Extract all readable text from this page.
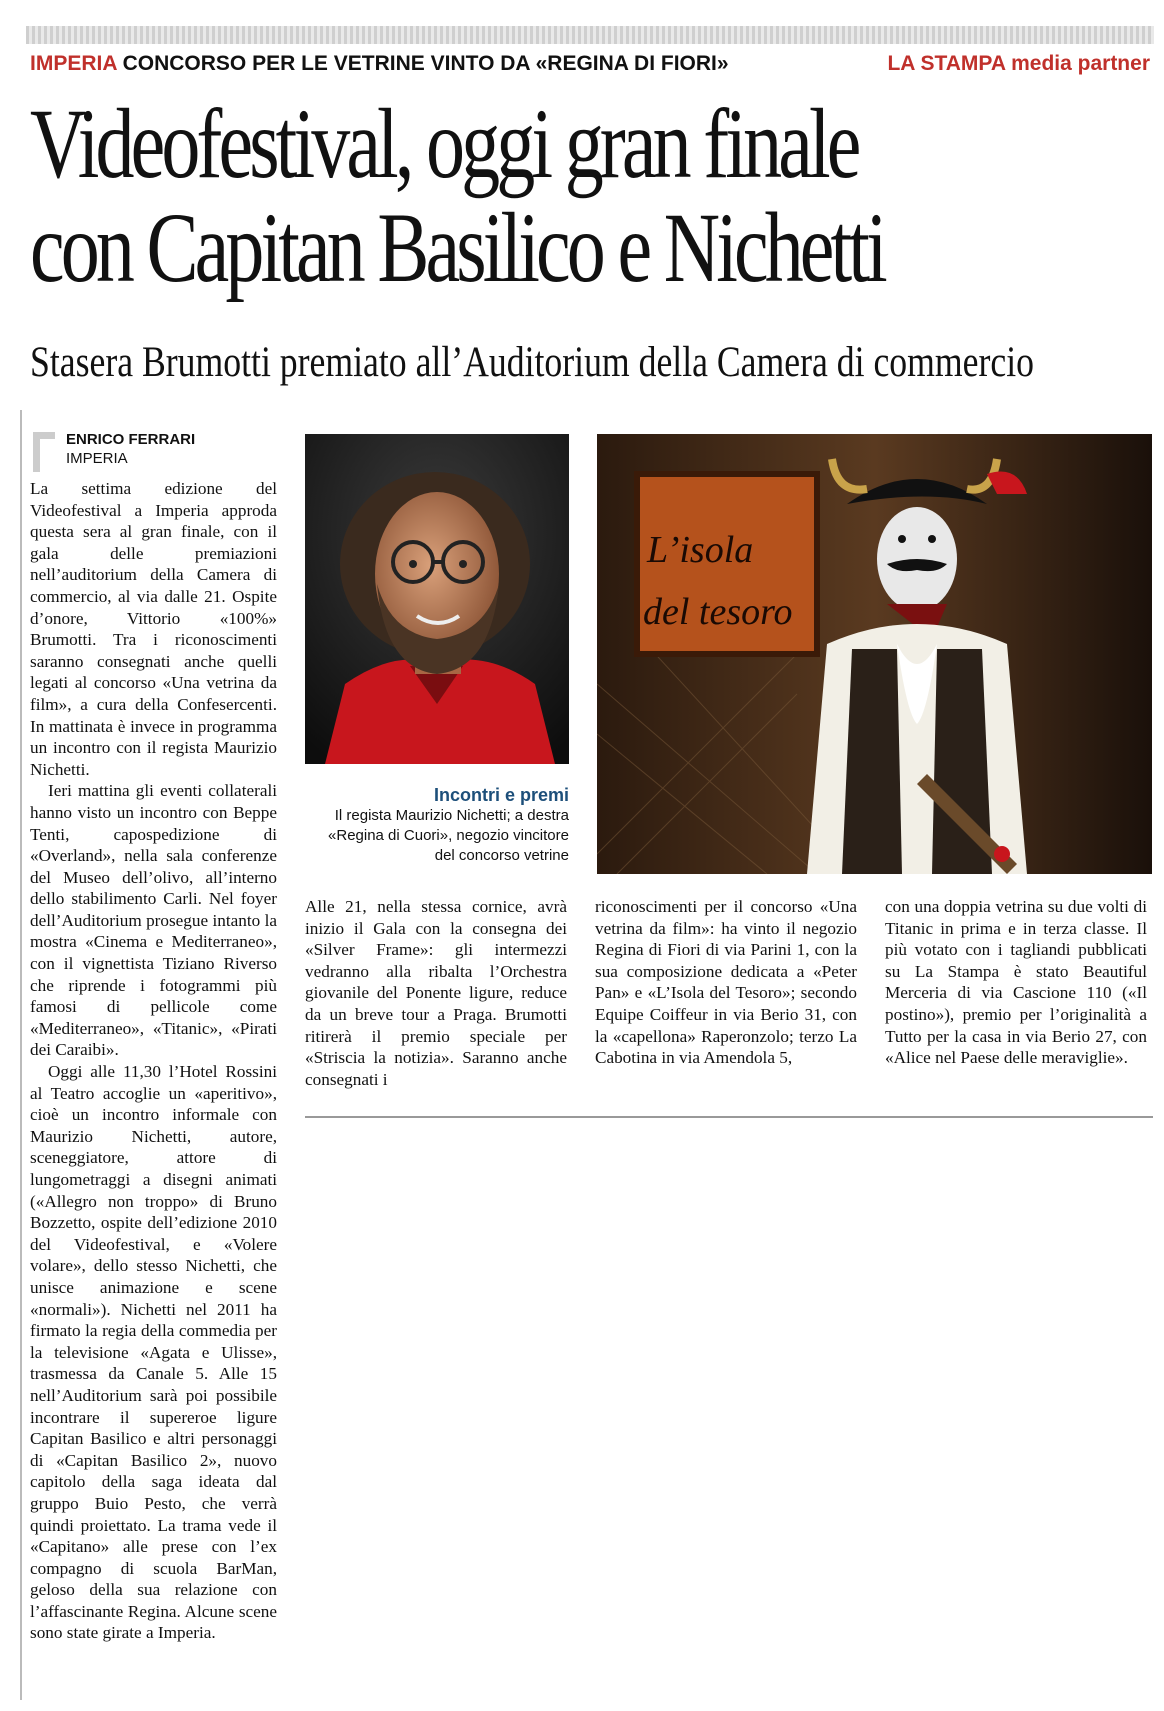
IMPERIA CONCORSO PER LE VETRINE VINTO DA «REGINA DI FIORI»	LA STAMPA media partner
Videofestival, oggi gran finale
con Capitan Basilico e Nichetti
Stasera Brumotti premiato all’Auditorium della Camera di commercio
ENRICO FERRARI
IMPERIA

La settima edizione del Videofestival a Imperia approda questa sera al gran finale, con il gala delle premiazioni nell’auditorium della Camera di commercio, al via dalle 21. Ospite d’onore, Vittorio «100%» Brumotti. Tra i riconoscimenti saranno consegnati anche quelli legati al concorso «Una vetrina da film», a cura della Confesercenti. In mattinata è invece in programma un incontro con il regista Maurizio Nichetti.

Ieri mattina gli eventi collaterali hanno visto un incontro con Beppe Tenti, capospedizione di «Overland», nella sala conferenze del Museo dell’olivo, all’interno dello stabilimento Carli. Nel foyer dell’Auditorium prosegue intanto la mostra «Cinema e Mediterraneo», con il vignettista Tiziano Riverso che riprende i fotogrammi più famosi di pellicole come «Mediterraneo», «Titanic», «Pirati dei Caraibi».

Oggi alle 11,30 l’Hotel Rossini al Teatro accoglie un «aperitivo», cioè un incontro informale con Maurizio Nichetti, autore, sceneggiatore, attore di lungometraggi a disegni animati («Allegro non troppo» di Bruno Bozzetto, ospite dell’edizione 2010 del Videofestival, e «Volere volare», dello stesso Nichetti, che unisce animazione e scene «normali»). Nichetti nel 2011 ha firmato la regia della commedia per la televisione «Agata e Ulisse», trasmessa da Canale 5. Alle 15 nell’Auditorium sarà poi possibile incontrare il supereroe ligure Capitan Basilico e altri personaggi di «Capitan Basilico 2», nuovo capitolo della saga ideata dal gruppo Buio Pesto, che verrà quindi proiettato. La trama vede il «Capitano» alle prese con l’ex compagno di scuola BarMan, geloso della sua relazione con l’affascinante Regina. Alcune scene sono state girate a Imperia.

Incontri e premi
Il regista Maurizio Nichetti; a destra «Regina di Cuori», negozio vincitore del concorso vetrine
L’isola
del tesoro

Alle 21, nella stessa cornice, avrà inizio il Gala con la consegna dei «Silver Frame»: gli intermezzi vedranno alla ribalta l’Orchestra giovanile del Ponente ligure, reduce da un breve tour a Praga. Brumotti ritirerà il premio speciale per «Striscia la notizia». Saranno anche consegnati i

riconoscimenti per il concorso «Una vetrina da film»: ha vinto il negozio Regina di Fiori di via Parini 1, con la sua composizione dedicata a «Peter Pan» e «L’Isola del Tesoro»; secondo Equipe Coiffeur in via Berio 31, con la «capellona» Raperonzolo; terzo La Cabotina in via Amendola 5,

con una doppia vetrina su due volti di Titanic in prima e in terza classe. Il più votato con i tagliandi pubblicati su La Stampa è stato Beautiful Merceria di via Cascione 110 («Il postino»), premio per l’originalità a Tutto per la casa in via Berio 27, con «Alice nel Paese delle meraviglie».
